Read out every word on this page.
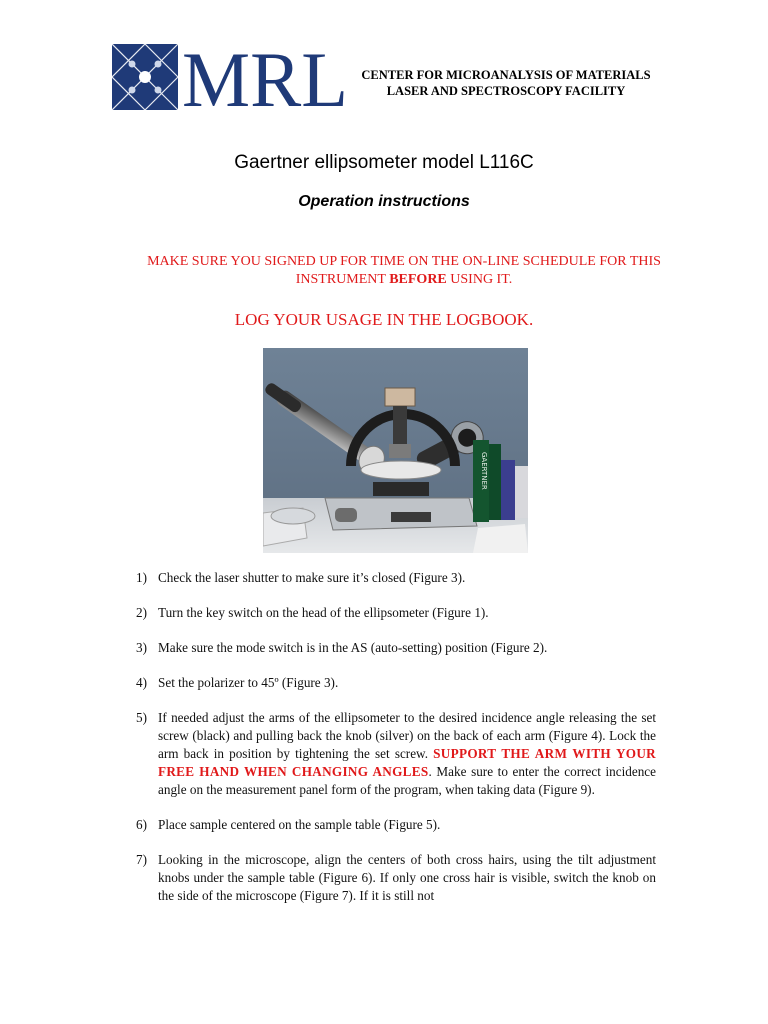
MRL	CENTER FOR MICROANALYSIS OF MATERIALS
LASER AND SPECTROSCOPY FACILITY
Gaertner ellipsometer model L116C
Operation instructions
MAKE SURE YOU SIGNED UP FOR TIME ON THE ON-LINE SCHEDULE FOR THIS INSTRUMENT BEFORE USING IT.
LOG YOUR USAGE IN THE LOGBOOK.
GAERTNER
1) Check the laser shutter to make sure it’s closed (Figure 3).
2) Turn the key switch on the head of the ellipsometer (Figure 1).
3) Make sure the mode switch is in the AS (auto-setting) position (Figure 2).
4) Set the polarizer to 45º (Figure 3).
5) If needed adjust the arms of the ellipsometer to the desired incidence angle releasing the set screw (black) and pulling back the knob (silver) on the back of each arm (Figure 4). Lock the arm back in position by tightening the set screw. SUPPORT THE ARM WITH YOUR FREE HAND WHEN CHANGING ANGLES. Make sure to enter the correct incidence angle on the measurement panel form of the program, when taking data (Figure 9).
6) Place sample centered on the sample table (Figure 5).
7) Looking in the microscope, align the centers of both cross hairs, using the tilt adjustment knobs under the sample table (Figure 6). If only one cross hair is visible, switch the knob on the side of the microscope (Figure 7). If it is still not
